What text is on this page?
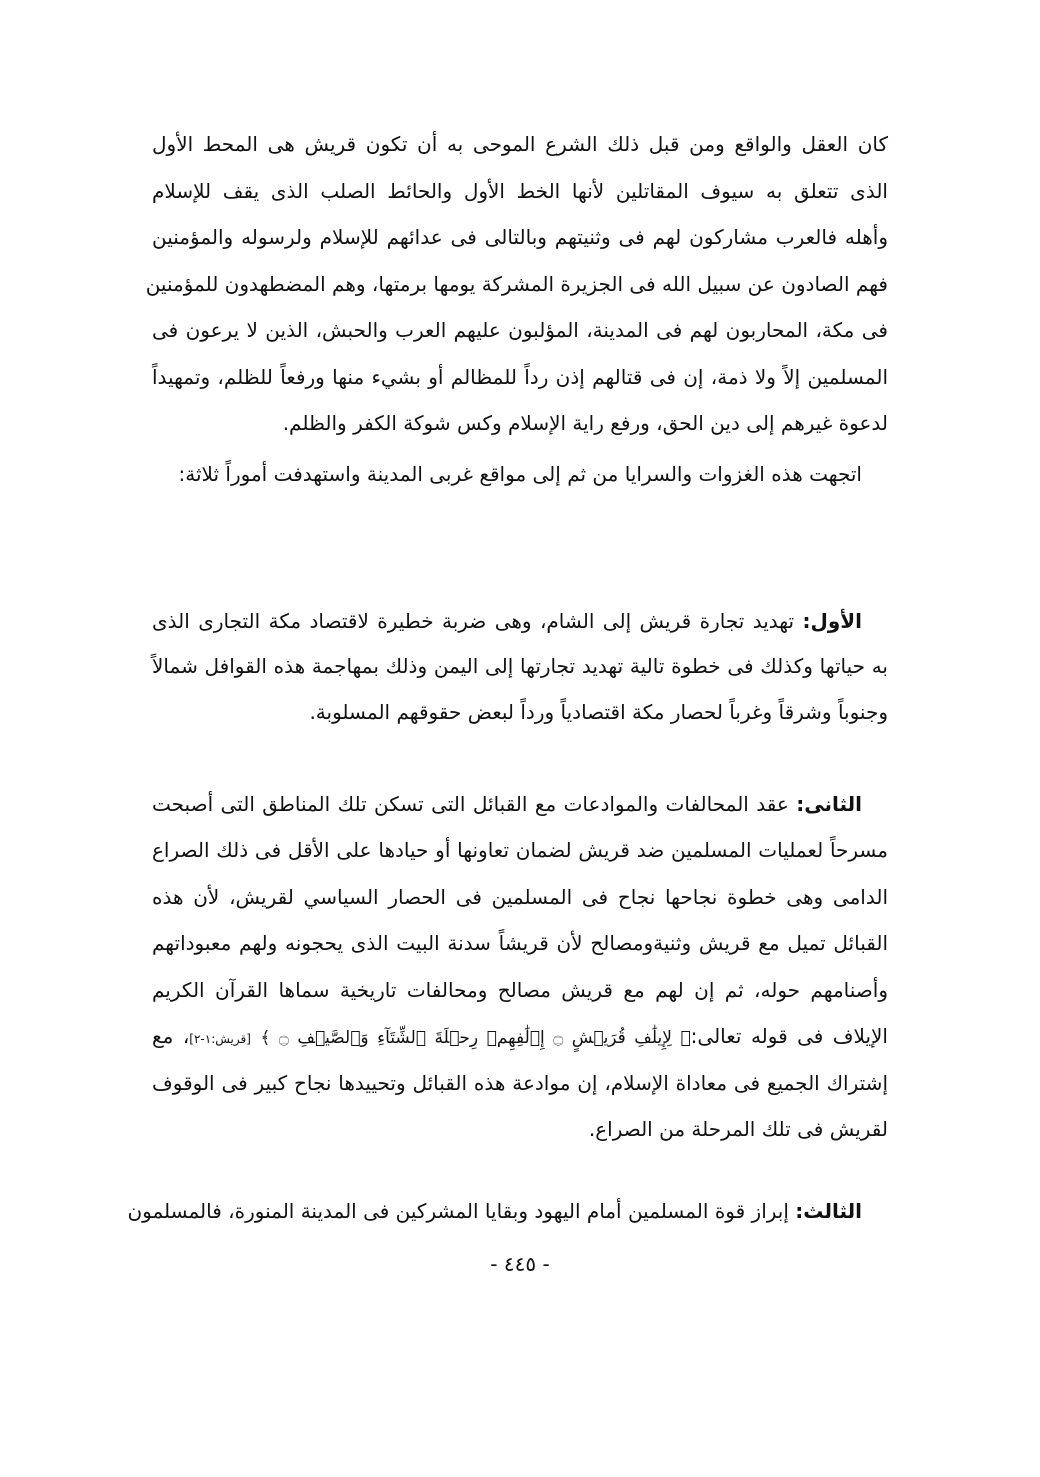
كان العقل والواقع ومن قبل ذلك الشرع الموحى به أن تكون قريش هى المحط الأول
الذى تتعلق به سيوف المقاتلين لأنها الخط الأول والحائط الصلب الذى يقف للإسلام
وأهله فالعرب مشاركون لهم فى وثنيتهم وبالتالى فى عدائهم للإسلام ولرسوله والمؤمنين
فهم الصادون عن سبيل الله فى الجزيرة المشركة يومها برمتها، وهم المضطهدون للمؤمنين
فى مكة، المحاربون لهم فى المدينة، المؤلبون عليهم العرب والحبش، الذين لا يرعون فى
المسلمين إلاً ولا ذمة، إن فى قتالهم إذن رداً للمظالم أو بشيء منها ورفعاً للظلم، وتمهيداً
لدعوة غيرهم إلى دين الحق، ورفع راية الإسلام وكس شوكة الكفر والظلم.
اتجهت هذه الغزوات والسرايا من ثم إلى مواقع غربى المدينة واستهدفت أموراً ثلاثة:
الأول: تهديد تجارة قريش إلى الشام، وهى ضربة خطيرة لاقتصاد مكة التجارى الذى
به حياتها وكذلك فى خطوة تالية تهديد تجارتها إلى اليمن وذلك بمهاجمة هذه القوافل شمالاً
وجنوباً وشرقاً وغرباً لحصار مكة اقتصادياً ورداً لبعض حقوقهم المسلوبة.
الثانى: عقد المحالفات والموادعات مع القبائل التى تسكن تلك المناطق التى أصبحت
مسرحاً لعمليات المسلمين ضد قريش لضمان تعاونها أو حيادها على الأقل فى ذلك الصراع
الدامى وهى خطوة نجاحها نجاح فى المسلمين فى الحصار السياسي لقريش، لأن هذه
القبائل تميل مع قريش وثنيةومصالح لأن قريشاً سدنة البيت الذى يحجونه ولهم معبوداتهم
وأصنامهم حوله، ثم إن لهم مع قريش مصالح ومحالفات تاريخية سماها القرآن الكريم
الإيلاف فى قوله تعالى:﴿ لِإِيلَٰفِ قُرَيۡشٍ ۝ إِۦلَٰفِهِمۡ رِحۡلَةَ ٱلشِّتَآءِ وَٱلصَّيۡفِ ۝ ﴾ [قريش:١-٢]، مع
إشتراك الجميع فى معاداة الإسلام، إن موادعة هذه القبائل وتحييدها نجاح كبير فى الوقوف
لقريش فى تلك المرحلة من الصراع.
الثالث: إبراز قوة المسلمين أمام اليهود وبقايا المشركين فى المدينة المنورة، فالمسلمون
- ٤٤٥ -
